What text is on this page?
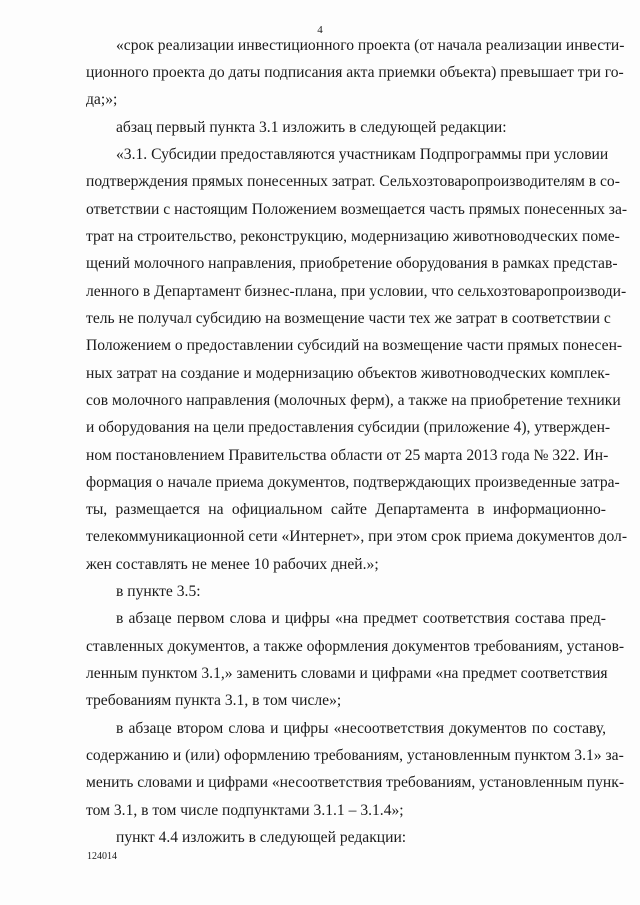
4
«срок реализации инвестиционного проекта (от начала реализации инвести-
ционного проекта до даты подписания акта приемки объекта) превышает три го-
да;»;
абзац первый пункта 3.1 изложить в следующей редакции:
«3.1. Субсидии предоставляются участникам Подпрограммы при условии
подтверждения прямых понесенных затрат. Сельхозтоваропроизводителям в со-
ответствии с настоящим Положением возмещается часть прямых понесенных за-
трат на строительство, реконструкцию, модернизацию животноводческих поме-
щений молочного направления, приобретение оборудования в рамках представ-
ленного в Департамент бизнес-плана, при условии, что сельхозтоваропроизводи-
тель не получал субсидию на возмещение части тех же затрат в соответствии с
Положением о предоставлении субсидий на возмещение части прямых понесен-
ных затрат на создание и модернизацию объектов животноводческих комплек-
сов молочного направления (молочных ферм), а также на приобретение техники
и оборудования на цели предоставления субсидии (приложение 4), утвержден-
ном постановлением Правительства области от 25 марта 2013 года № 322. Ин-
формация о начале приема документов, подтверждающих произведенные затра-
ты, размещается на официальном сайте Департамента в информационно-
телекоммуникационной сети «Интернет», при этом срок приема документов дол-
жен составлять не менее 10 рабочих дней.»;
в пункте 3.5:
в абзаце первом слова и цифры «на предмет соответствия состава пред-
ставленных документов, а также оформления документов требованиям, установ-
ленным пунктом 3.1,» заменить словами и цифрами «на предмет соответствия
требованиям пункта 3.1, в том числе»;
в абзаце втором слова и цифры «несоответствия документов по составу,
содержанию и (или) оформлению требованиям, установленным пунктом 3.1» за-
менить словами и цифрами «несоответствия требованиям, установленным пунк-
том 3.1, в том числе подпунктами 3.1.1 – 3.1.4»;
пункт 4.4 изложить в следующей редакции:
124014
